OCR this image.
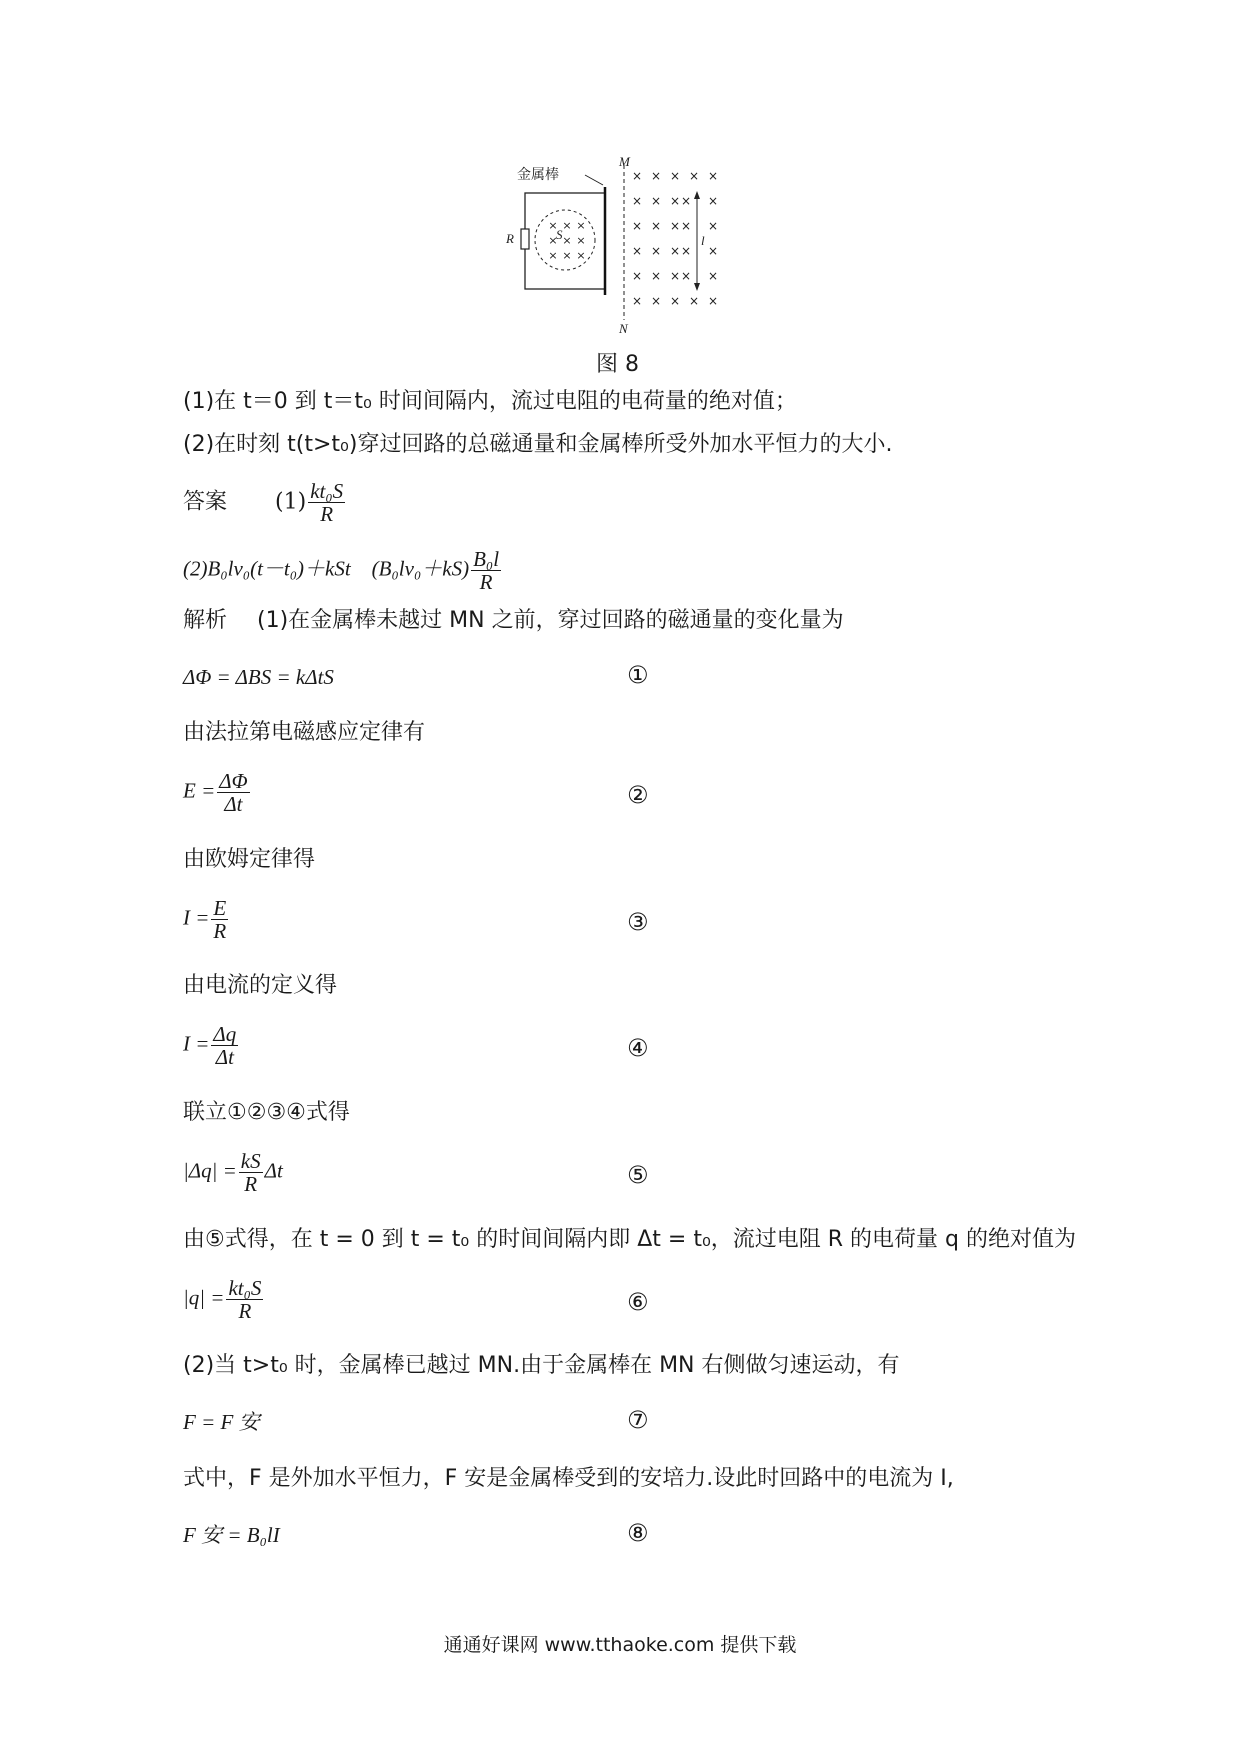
× × ×
× × ×
× × ×
× × × × ×
× × × × ×
× × × × ×
× × × × ×
× × × × ×
× × × × ×
金属棒
M
N
R	S	l
图 8
(1)在 t＝0 到 t＝t₀ 时间间隔内，流过电阻的电荷量的绝对值；
(2)在时刻 t(t>t₀)穿过回路的总磁通量和金属棒所受外加水平恒力的大小.
答案 $(1) \frac{\text{kt₀S}}{R}$
(2)B₀lv₀(t－t₀)＋kSt　$(B_0lv_0+kS) \frac{\text{B₀l}}{R}$
解析 (1)在金属棒未越过 MN 之前，穿过回路的磁通量的变化量为
ΔΦ = ΔBS = kΔtS	①
由法拉第电磁感应定律有
$E = \frac{\Delta\Phi}{\Delta t}$	②
由欧姆定律得
$I = \frac{E}{R}$	③
由电流的定义得
$I = \frac{\Delta q}{\Delta t}$	④
联立①②③④式得
$|\Delta q| = \frac{kS}{R}$ Δt	⑤
由⑤式得，在 t = 0 到 t = t₀ 的时间间隔内即 Δt = t₀，流过电阻 R 的电荷量 q 的绝对值为
$|q| = \frac{\text{kt₀S}}{R}$	⑥
(2)当 t>t₀ 时，金属棒已越过 MN.由于金属棒在 MN 右侧做匀速运动，有
F = F 安	⑦
式中，F 是外加水平恒力，F 安是金属棒受到的安培力.设此时回路中的电流为 I,
F 安 = B₀lI	⑧
通通好课网 www.tthaoke.com 提供下载
